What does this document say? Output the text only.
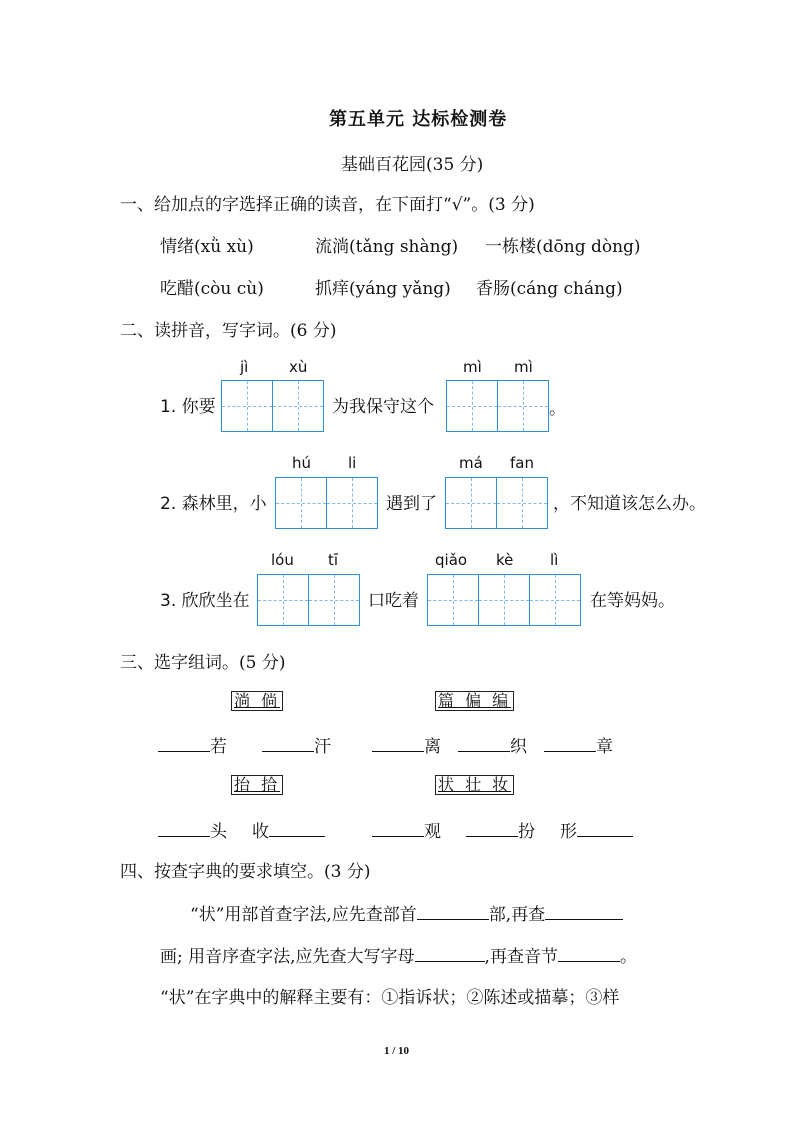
第五单元 达标检测卷
基础百花园(35 分)
一、给加点的字选择正确的读音，在下面打“√”。(3 分)
情绪(xǜ xù)	流淌(tǎng shàng) 一栋楼(dōng dòng)
吃醋(còu cù)	抓痒(yáng yǎng) 香肠(cáng cháng)
二、读拼音，写字词。(6 分)
jì	xù
1. 你要	为我保守这个
mì mì
。
hú li
2. 森林里，小	遇到了
má fan
，不知道该怎么办。
lóu tī
3. 欣欣坐在	口吃着
qiǎo kè lì
在等妈妈。
三、选字组词。(5 分)
淌 倘	篇 偏 编
若	汗	离	织	章
抬 拾	状 壮 妆
头 收	观	扮 形
四、按查字典的要求填空。(3 分)
“状”用部首查字法,应先查部首	部,再查
画; 用音序查字法,应先查大写字母	,再查音节	。
“状”在字典中的解释主要有：①指诉状；②陈述或描摹；③样
1 / 10
